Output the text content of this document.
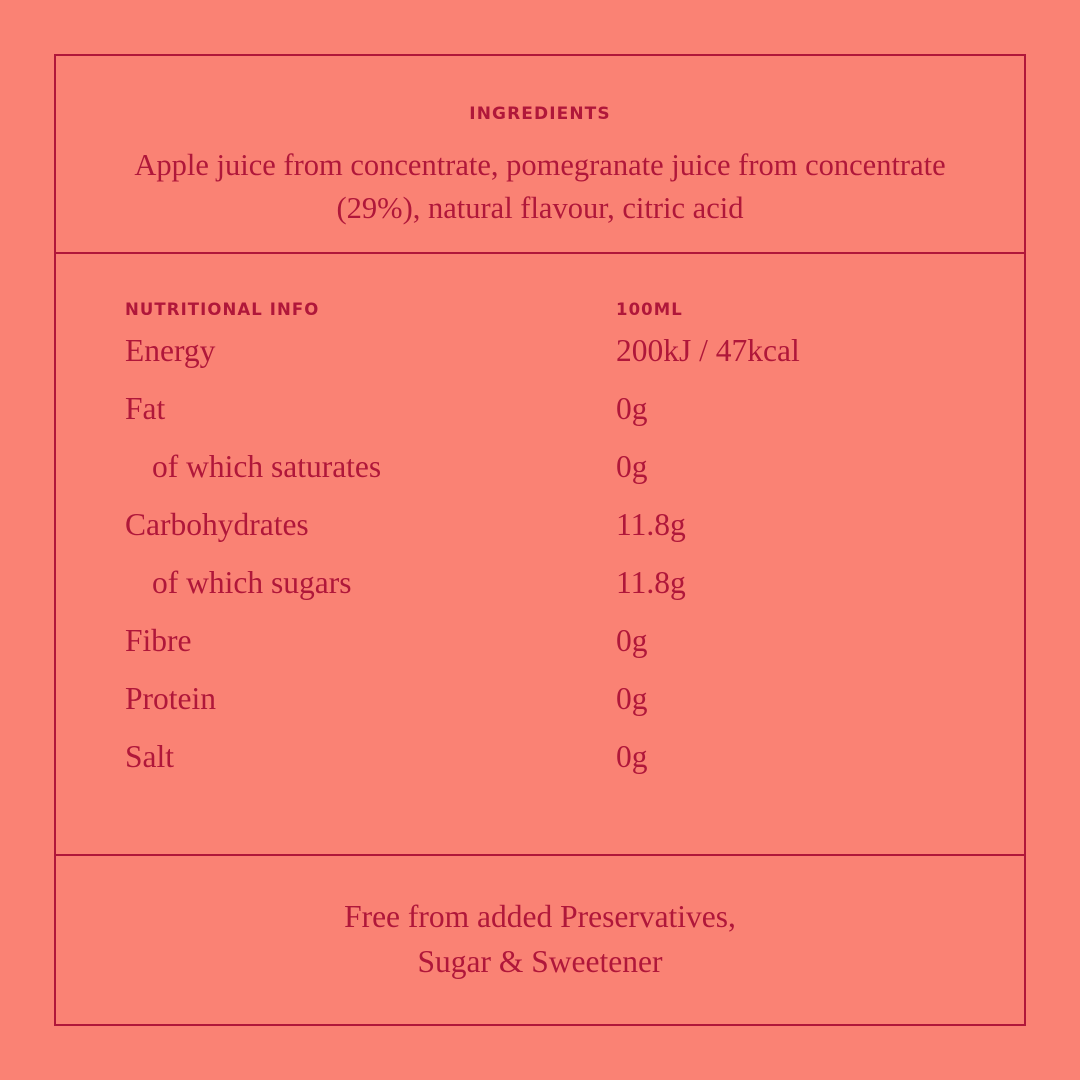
INGREDIENTS
Apple juice from concentrate, pomegranate juice from concentrate (29%), natural flavour, citric acid
NUTRITIONAL INFO	100ML
Energy	200kJ / 47kcal
Fat	0g
of which saturates	0g
Carbohydrates	11.8g
of which sugars	11.8g
Fibre	0g
Protein	0g
Salt	0g
Free from added Preservatives,
Sugar & Sweetener
